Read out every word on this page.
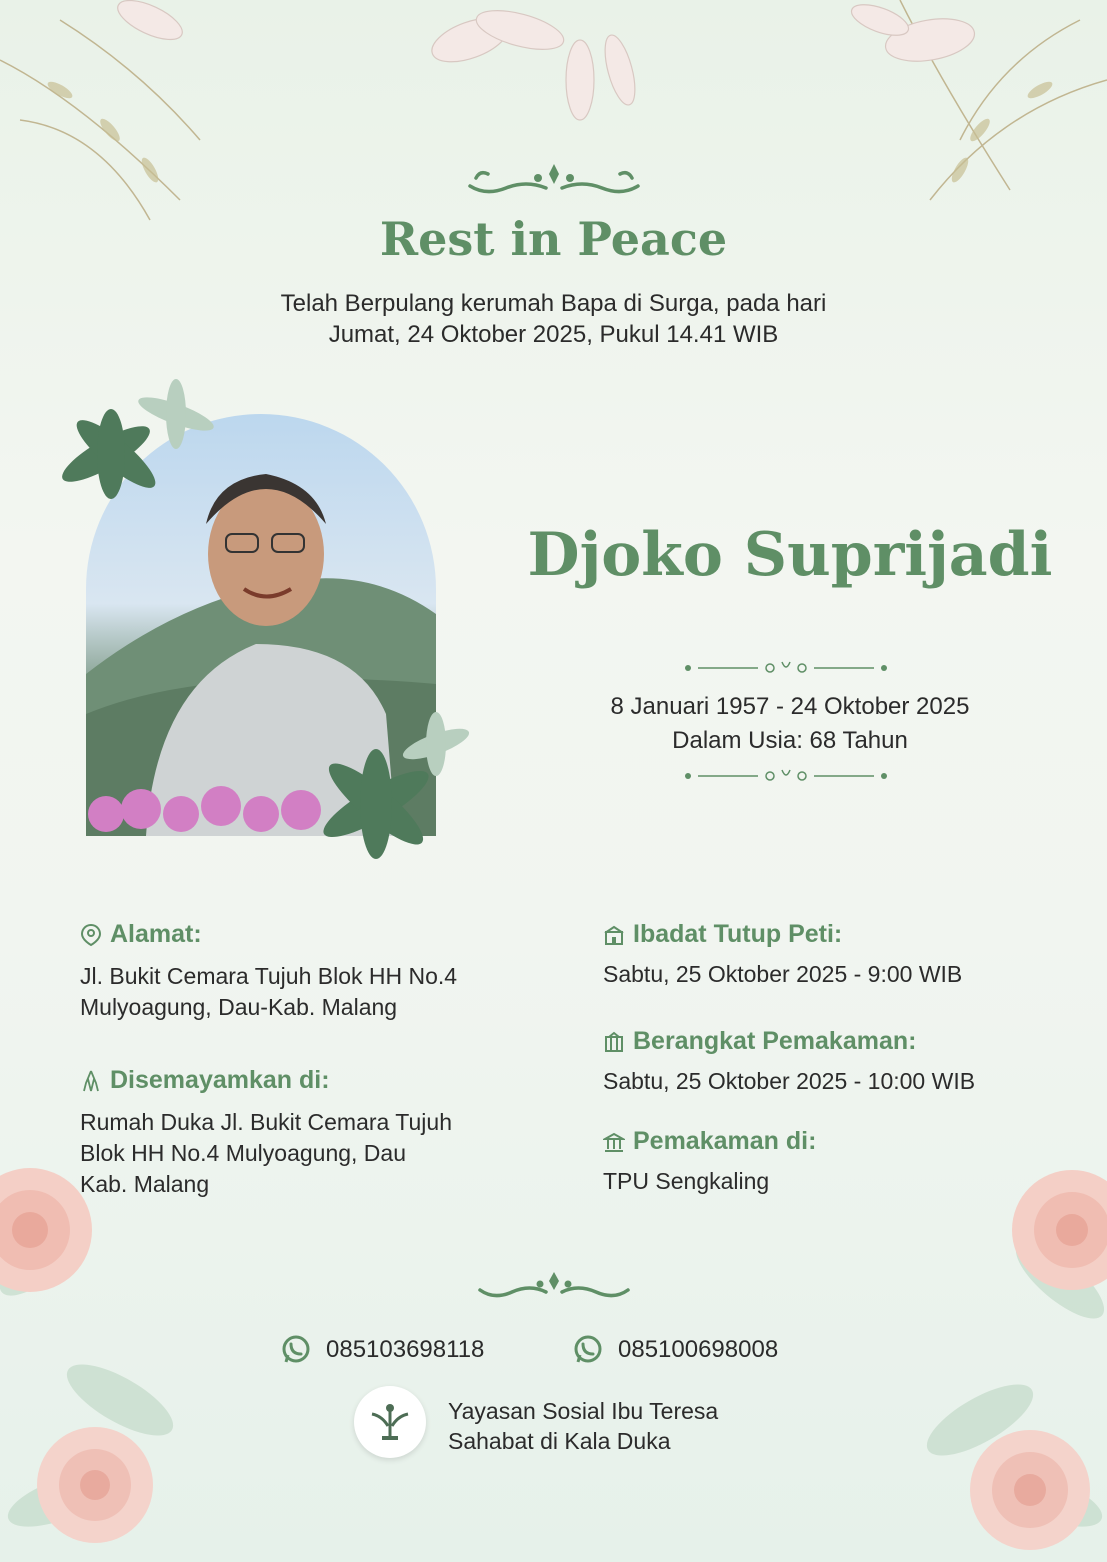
Rest in Peace
Telah Berpulang kerumah Bapa di Surga, pada hari
Jumat, 24 Oktober 2025, Pukul 14.41 WIB
Djoko Suprijadi
8 Januari 1957 - 24 Oktober 2025
Dalam Usia: 68 Tahun
Alamat:
Jl. Bukit Cemara Tujuh Blok HH No.4
Mulyoagung, Dau-Kab. Malang
Disemayamkan di:
Rumah Duka Jl. Bukit Cemara Tujuh
Blok HH No.4 Mulyoagung, Dau
Kab. Malang
Ibadat Tutup Peti:
Sabtu, 25 Oktober 2025 - 9:00 WIB
Berangkat Pemakaman:
Sabtu, 25 Oktober 2025 - 10:00 WIB
Pemakaman di:
TPU Sengkaling
085103698118	085100698008
Yayasan Sosial Ibu Teresa
Sahabat di Kala Duka
